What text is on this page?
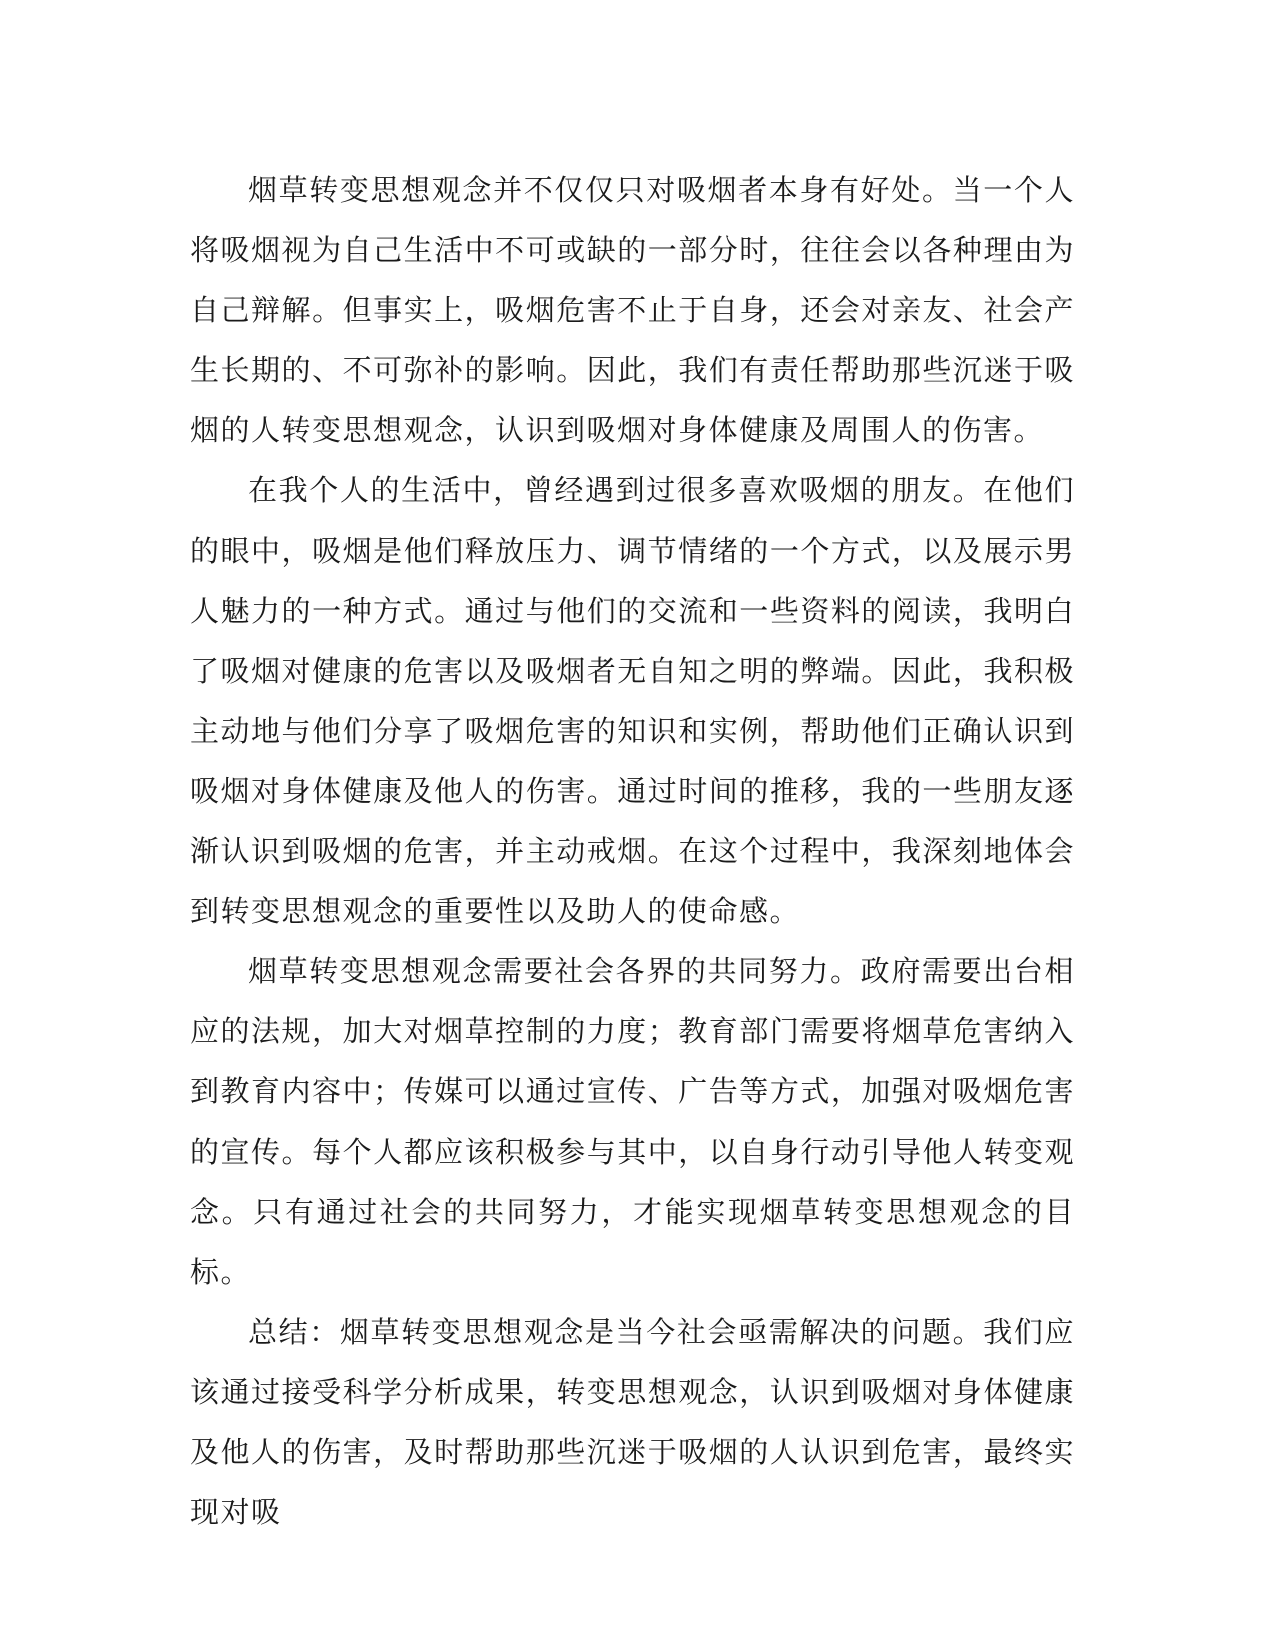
烟草转变思想观念并不仅仅只对吸烟者本身有好处。当一个人将吸烟视为自己生活中不可或缺的一部分时，往往会以各种理由为自己辩解。但事实上，吸烟危害不止于自身，还会对亲友、社会产生长期的、不可弥补的影响。因此，我们有责任帮助那些沉迷于吸烟的人转变思想观念，认识到吸烟对身体健康及周围人的伤害。

在我个人的生活中，曾经遇到过很多喜欢吸烟的朋友。在他们的眼中，吸烟是他们释放压力、调节情绪的一个方式，以及展示男人魅力的一种方式。通过与他们的交流和一些资料的阅读，我明白了吸烟对健康的危害以及吸烟者无自知之明的弊端。因此，我积极主动地与他们分享了吸烟危害的知识和实例，帮助他们正确认识到吸烟对身体健康及他人的伤害。通过时间的推移，我的一些朋友逐渐认识到吸烟的危害，并主动戒烟。在这个过程中，我深刻地体会到转变思想观念的重要性以及助人的使命感。

烟草转变思想观念需要社会各界的共同努力。政府需要出台相应的法规，加大对烟草控制的力度；教育部门需要将烟草危害纳入到教育内容中；传媒可以通过宣传、广告等方式，加强对吸烟危害的宣传。每个人都应该积极参与其中，以自身行动引导他人转变观念。只有通过社会的共同努力，才能实现烟草转变思想观念的目标。

总结：烟草转变思想观念是当今社会亟需解决的问题。我们应该通过接受科学分析成果，转变思想观念，认识到吸烟对身体健康及他人的伤害，及时帮助那些沉迷于吸烟的人认识到危害，最终实现对吸
